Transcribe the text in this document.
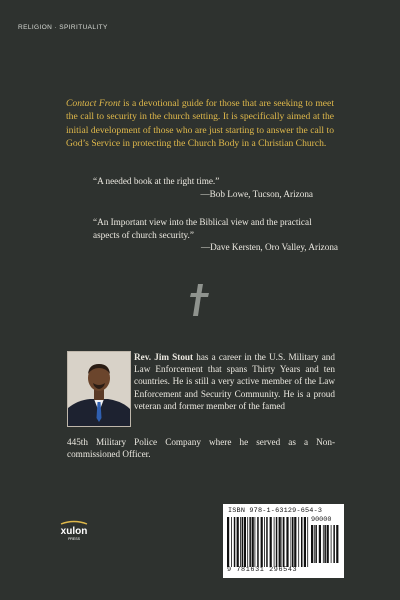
RELIGION · SPIRITUALITY
Contact Front is a devotional guide for those that are seeking to meet the call to security in the church setting. It is specifically aimed at the initial development of those who are just starting to answer the call to God’s Service in protecting the Church Body in a Christian Church.
“A needed book at the right time.”
—Bob Lowe, Tucson, Arizona
“An Important view into the Biblical view and the practical aspects of church security.”
—Dave Kersten, Oro Valley, Arizona
Rev. Jim Stout has a career in the U.S. Military and Law Enforcement that spans Thirty Years and ten countries. He is still a very active member of the Law Enforcement and Security Community. He is a proud veteran and former member of the famed
445th Military Police Company where he served as a Non-commissioned Officer.
xulon
PRESS
ISBN 978-1-63129-654-3
90000
9 781631 296543
